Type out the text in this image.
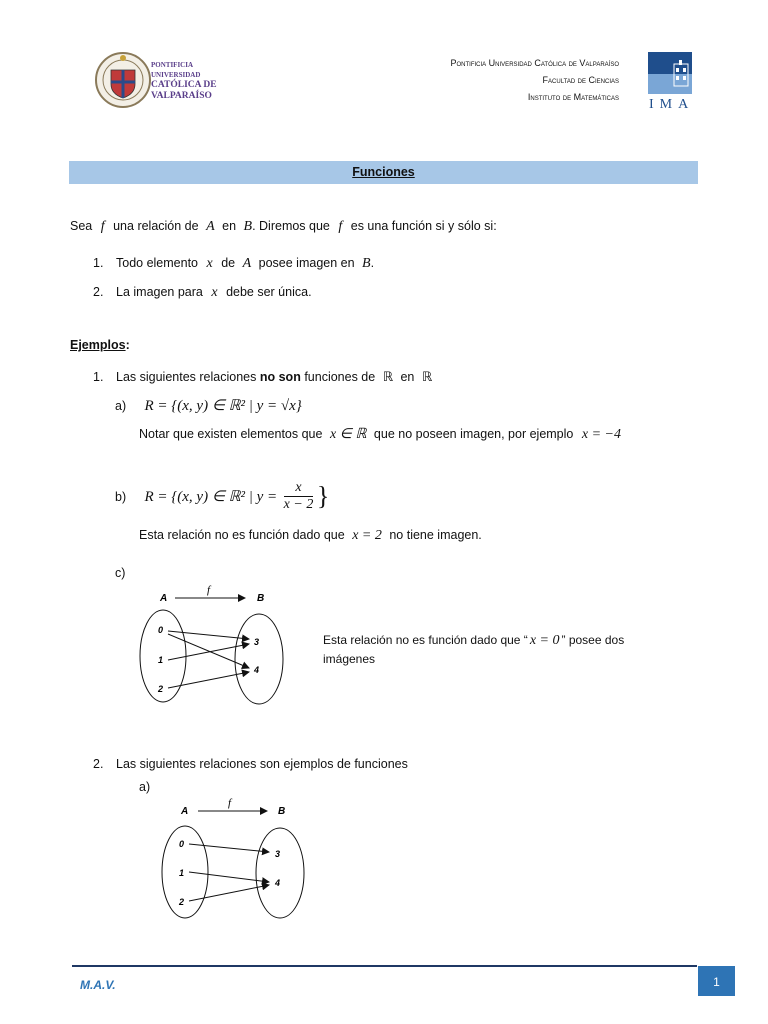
PONTIFICIA
UNIVERSIDAD
CATÓLICA DE
VALPARAÍSO
Pontificia Universidad Católica de Valparaíso
Facultad de Ciencias
Instituto de Matemáticas IMA
Funciones
Sea f una relación de A en B. Diremos que f es una función si y sólo si:
1. Todo elemento x de A posee imagen en B.
2. La imagen para x debe ser única.
Ejemplos:
1. Las siguientes relaciones no son funciones de ℝ en ℝ
a) R = {(x, y) ∈ ℝ² | y = √x}
Notar que existen elementos que x ∈ ℝ que no poseen imagen, por ejemplo x = −4
b) R = {(x, y) ∈ ℝ² | $y = \frac{x}{x - 2}$ }
Esta relación no es función dado que x = 2 no tiene imagen.
c)
A	B
f
0
1
2
3
4
Esta relación no es función dado que “ x = 0 ” posee dos
imágenes
2. Las siguientes relaciones son ejemplos de funciones
a)
A	B
f
0
1
2
3
4
M.A.V.	1
